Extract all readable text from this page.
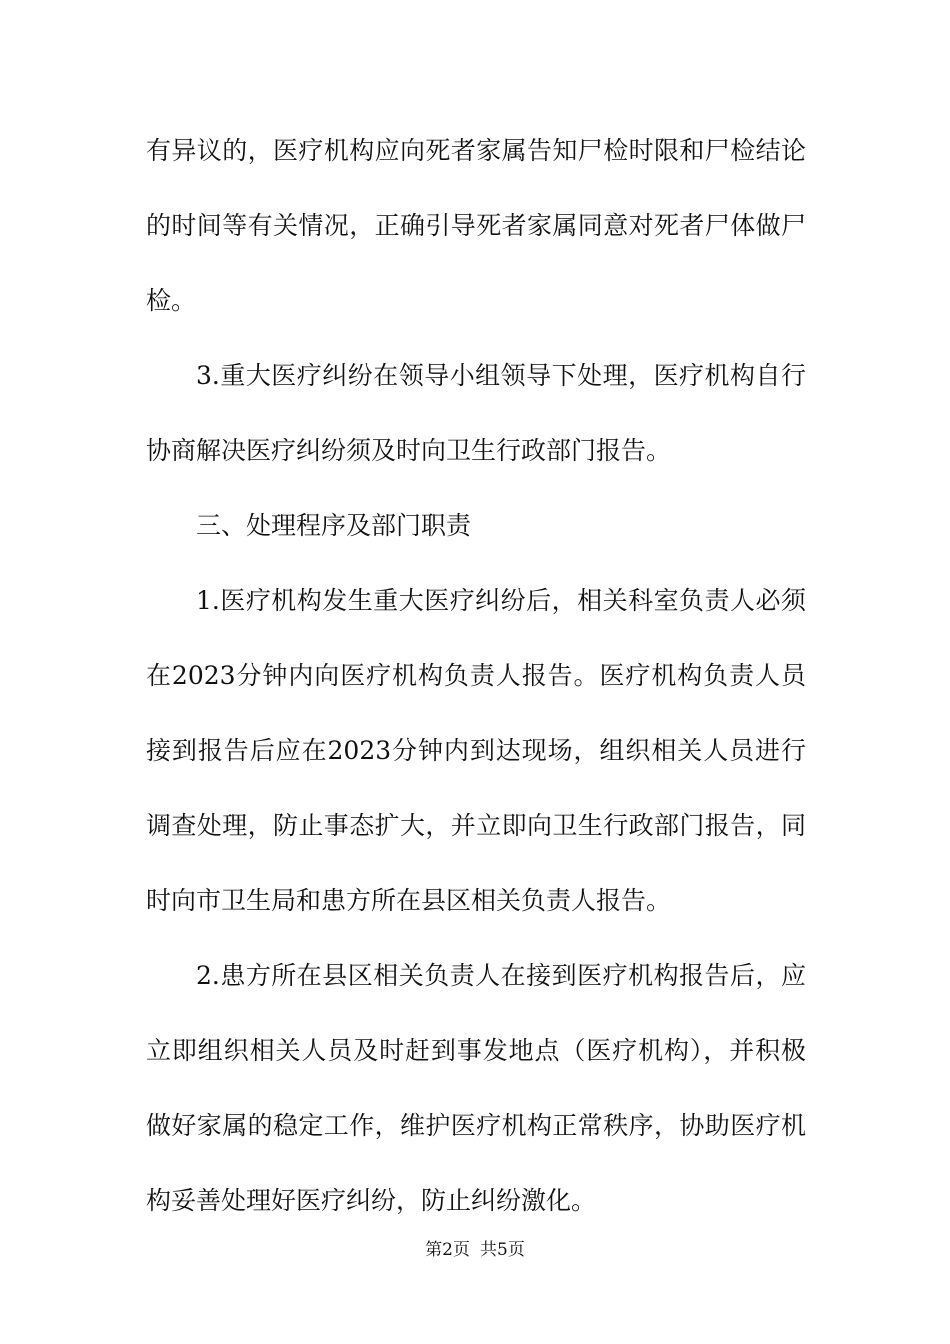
有异议的，医疗机构应向死者家属告知尸检时限和尸检结论
的时间等有关情况，正确引导死者家属同意对死者尸体做尸
检。
3.重大医疗纠纷在领导小组领导下处理，医疗机构自行
协商解决医疗纠纷须及时向卫生行政部门报告。
三、处理程序及部门职责
1.医疗机构发生重大医疗纠纷后，相关科室负责人必须
在2023分钟内向医疗机构负责人报告。医疗机构负责人员
接到报告后应在2023分钟内到达现场，组织相关人员进行
调查处理，防止事态扩大，并立即向卫生行政部门报告，同
时向市卫生局和患方所在县区相关负责人报告。
2.患方所在县区相关负责人在接到医疗机构报告后，应
立即组织相关人员及时赶到事发地点（医疗机构），并积极
做好家属的稳定工作，维护医疗机构正常秩序，协助医疗机
构妥善处理好医疗纠纷，防止纠纷激化。
第2页 共5页
